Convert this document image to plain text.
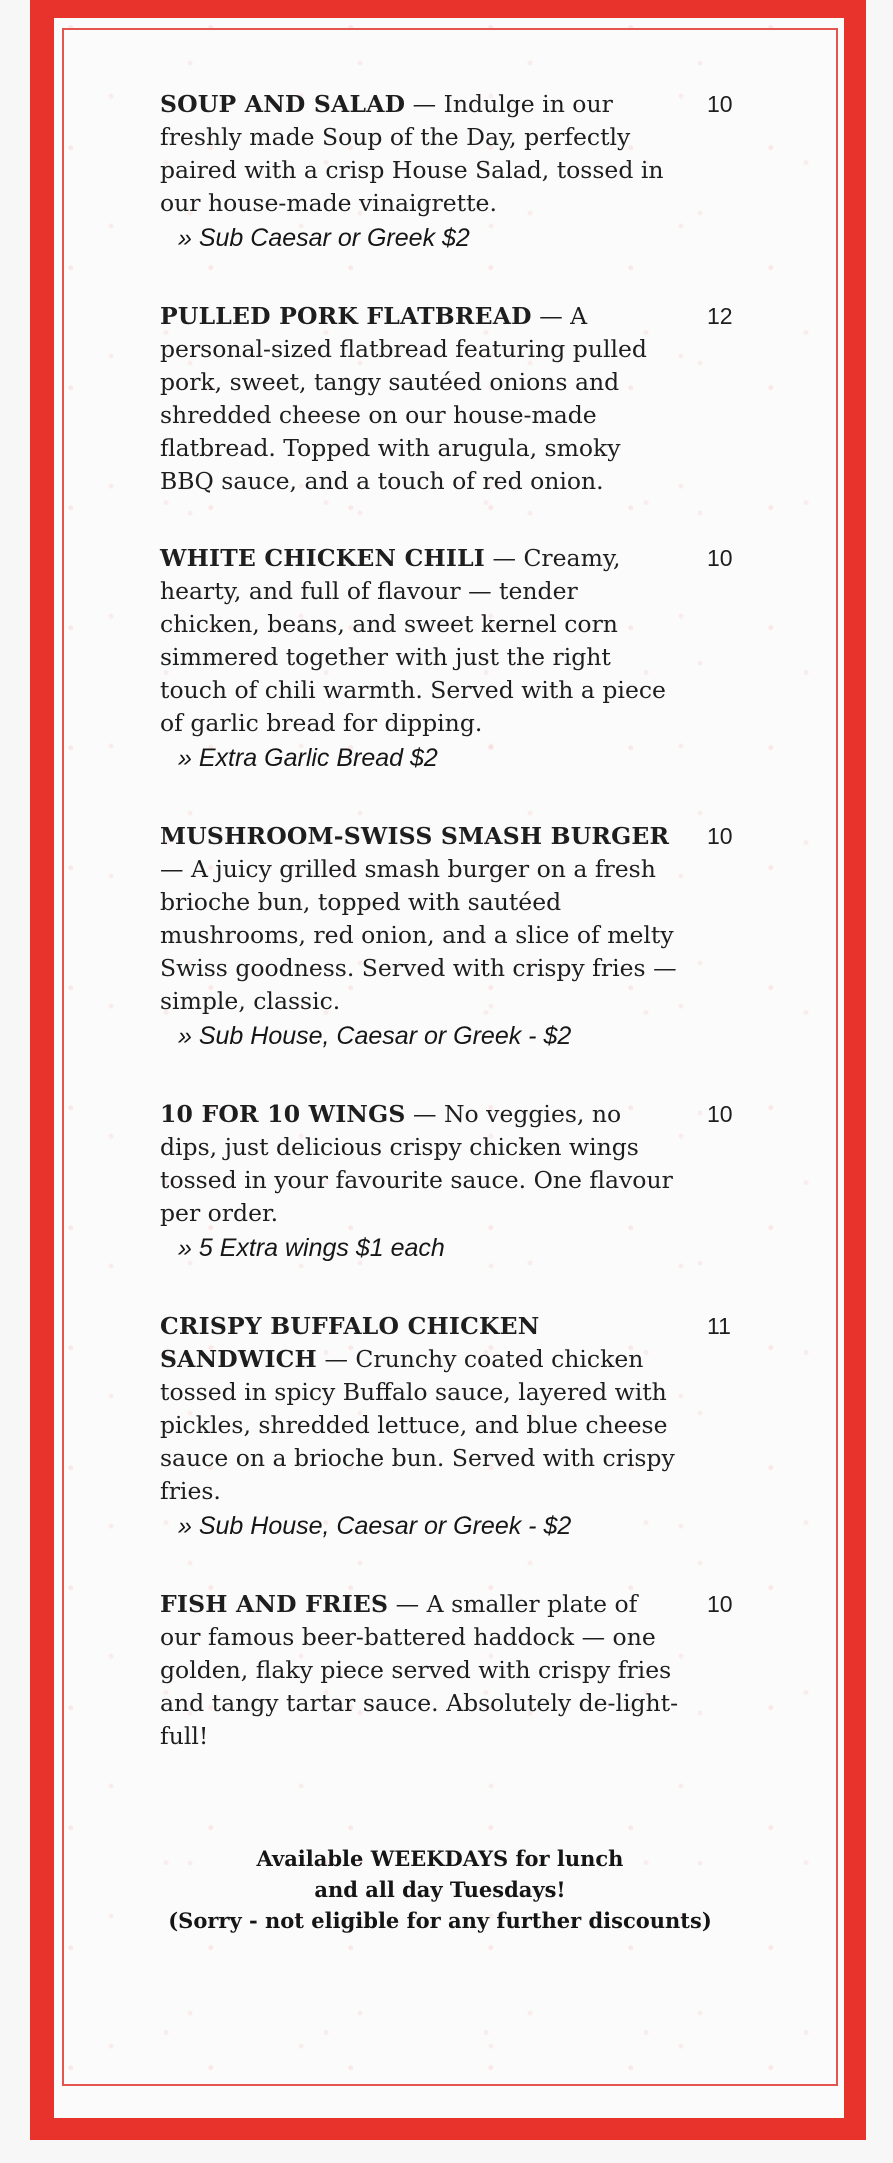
SOUP AND SALAD — Indulge in our freshly made Soup of the Day, perfectly paired with a crisp House Salad, tossed in our house-made vinaigrette.
10
» Sub Caesar or Greek $2
PULLED PORK FLATBREAD — A personal-sized flatbread featuring pulled pork, sweet, tangy sautéed onions and shredded cheese on our house-made flatbread. Topped with arugula, smoky BBQ sauce, and a touch of red onion.
12
WHITE CHICKEN CHILI — Creamy, hearty, and full of flavour — tender chicken, beans, and sweet kernel corn simmered together with just the right touch of chili warmth. Served with a piece of garlic bread for dipping.
10
» Extra Garlic Bread $2
MUSHROOM-SWISS SMASH BURGER — A juicy grilled smash burger on a fresh brioche bun, topped with sautéed mushrooms, red onion, and a slice of melty Swiss goodness. Served with crispy fries — simple, classic.
10
» Sub House, Caesar or Greek - $2
10 FOR 10 WINGS — No veggies, no dips, just delicious crispy chicken wings tossed in your favourite sauce. One flavour per order.
10
» 5 Extra wings $1 each
CRISPY BUFFALO CHICKEN SANDWICH — Crunchy coated chicken tossed in spicy Buffalo sauce, layered with pickles, shredded lettuce, and blue cheese sauce on a brioche bun. Served with crispy fries.
11
» Sub House, Caesar or Greek - $2
FISH AND FRIES — A smaller plate of our famous beer-battered haddock — one golden, flaky piece served with crispy fries and tangy tartar sauce. Absolutely de-light-full!
10
Available WEEKDAYS for lunch
and all day Tuesdays!
(Sorry - not eligible for any further discounts)
